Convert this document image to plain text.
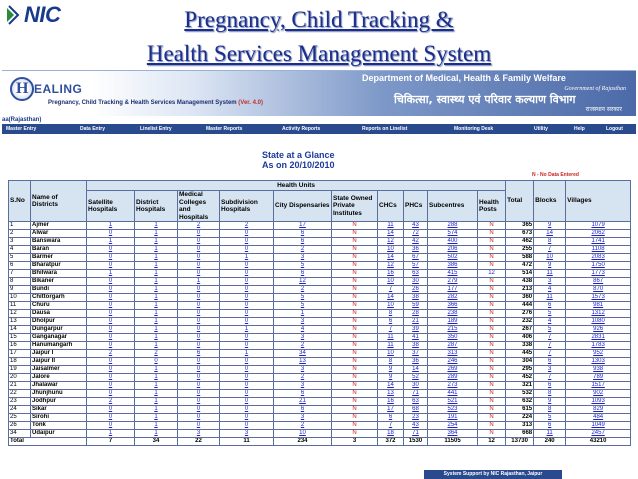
NIC	Pregnancy, Child Tracking &
Health Services Management System
H EALING
Pregnancy, Child Tracking & Health Services Management System (Ver. 4.0)
Department of Medical, Health & Family Welfare
Government of Rajasthan
चिकित्सा, स्वास्थ्य एवं परिवार कल्याण विभाग
राजस्थान सरकार
aa(Rajasthan)
Master Entry	Data Entry	Linelist Entry	Master Reports	Activity Reports	Reports on Linelist	Monitoring Desk	Utility	Help	Logout
State at a Glance
As on 20/10/2010
N - No Data Entered
S.No	Name of Districts	Health Units										Total	Blocks	Villages
		Satellite Hospitals	District Hospitals	Medical Colleges and Hospitals	Subdivision Hospitals	City Dispensaries	State Owned Private Institutes	CHCs	PHCs	Subcentres	Health Posts			
1	Ajmer	1	1	2	2	17	N	11	43	288	N	365	9	1079
2	Alwar	0	1	0	0	6	N	14	72	574	N	673	14	2062
3	Banswara	1	1	0	0	6	N	12	42	400	N	462	8	1741
4	Baran	0	1	0	0	2	N	10	36	206	N	255	7	1108
5	Barmer	0	1	0	1	3	N	14	67	502	N	588	10	2083
6	Bharatpur	0	1	0	0	5	N	12	57	386	N	472	9	1750
7	Bhilwara	1	1	0	0	6	N	16	63	415	12	514	11	1773
8	Bikaner	0	1	1	0	12	N	10	30	279	N	438	3	867
9	Bundi	0	1	0	0	2	N	7	26	177	N	213	4	870
10	Chittorgarh	0	1	0	0	5	N	14	38	282	N	360	11	1573
11	Churu	0	1	0	0	5	N	10	59	366	N	444	6	981
12	Dausa	0	1	0	0	1	N	8	28	238	N	276	5	1312
13	Dholpur	0	1	0	0	3	N	6	21	189	N	232	4	1080
14	Dungarpur	0	1	0	1	4	N	7	39	215	N	267	5	926
15	Ganganagar	0	1	0	0	3	N	11	41	350	N	406	7	2831
16	Hanumangarh	0	1	0	0	2	N	11	38	287	N	338	7	1783
17	Jaipur I	2	2	6	1	34	N	10	37	313	N	445	7	952
18	Jaipur II	0	0	0	0	13	N	8	36	246	N	304	6	1303
19	Jaisalmer	0	1	0	0	3	N	9	14	269	N	295	3	938
20	Jalore	0	1	0	0	2	N	9	52	289	N	452	7	789
21	Jhalawar	0	1	0	0	3	N	14	30	273	N	321	6	1517
22	Jhunjhunu	0	1	0	0	6	N	13	71	441	N	532	8	902
23	Jodhpur	2	1	0	0	21	N	16	63	521	N	632	9	1093
24	Sikar	0	1	0	0	6	N	17	68	523	N	615	8	829
25	Sirohi	0	1	0	0	3	N	6	23	191	N	224	5	484
26	Tonk	0	1	0	0	2	N	7	43	254	N	313	6	1049
34	Udaipur	1	1	3	3	10	N	18	71	364	N	668	11	2457
Total		7	34	22	11	234	3	372	1530	11505	12	13730	240	43210
System Support by NIC Rajasthan, Jaipur
